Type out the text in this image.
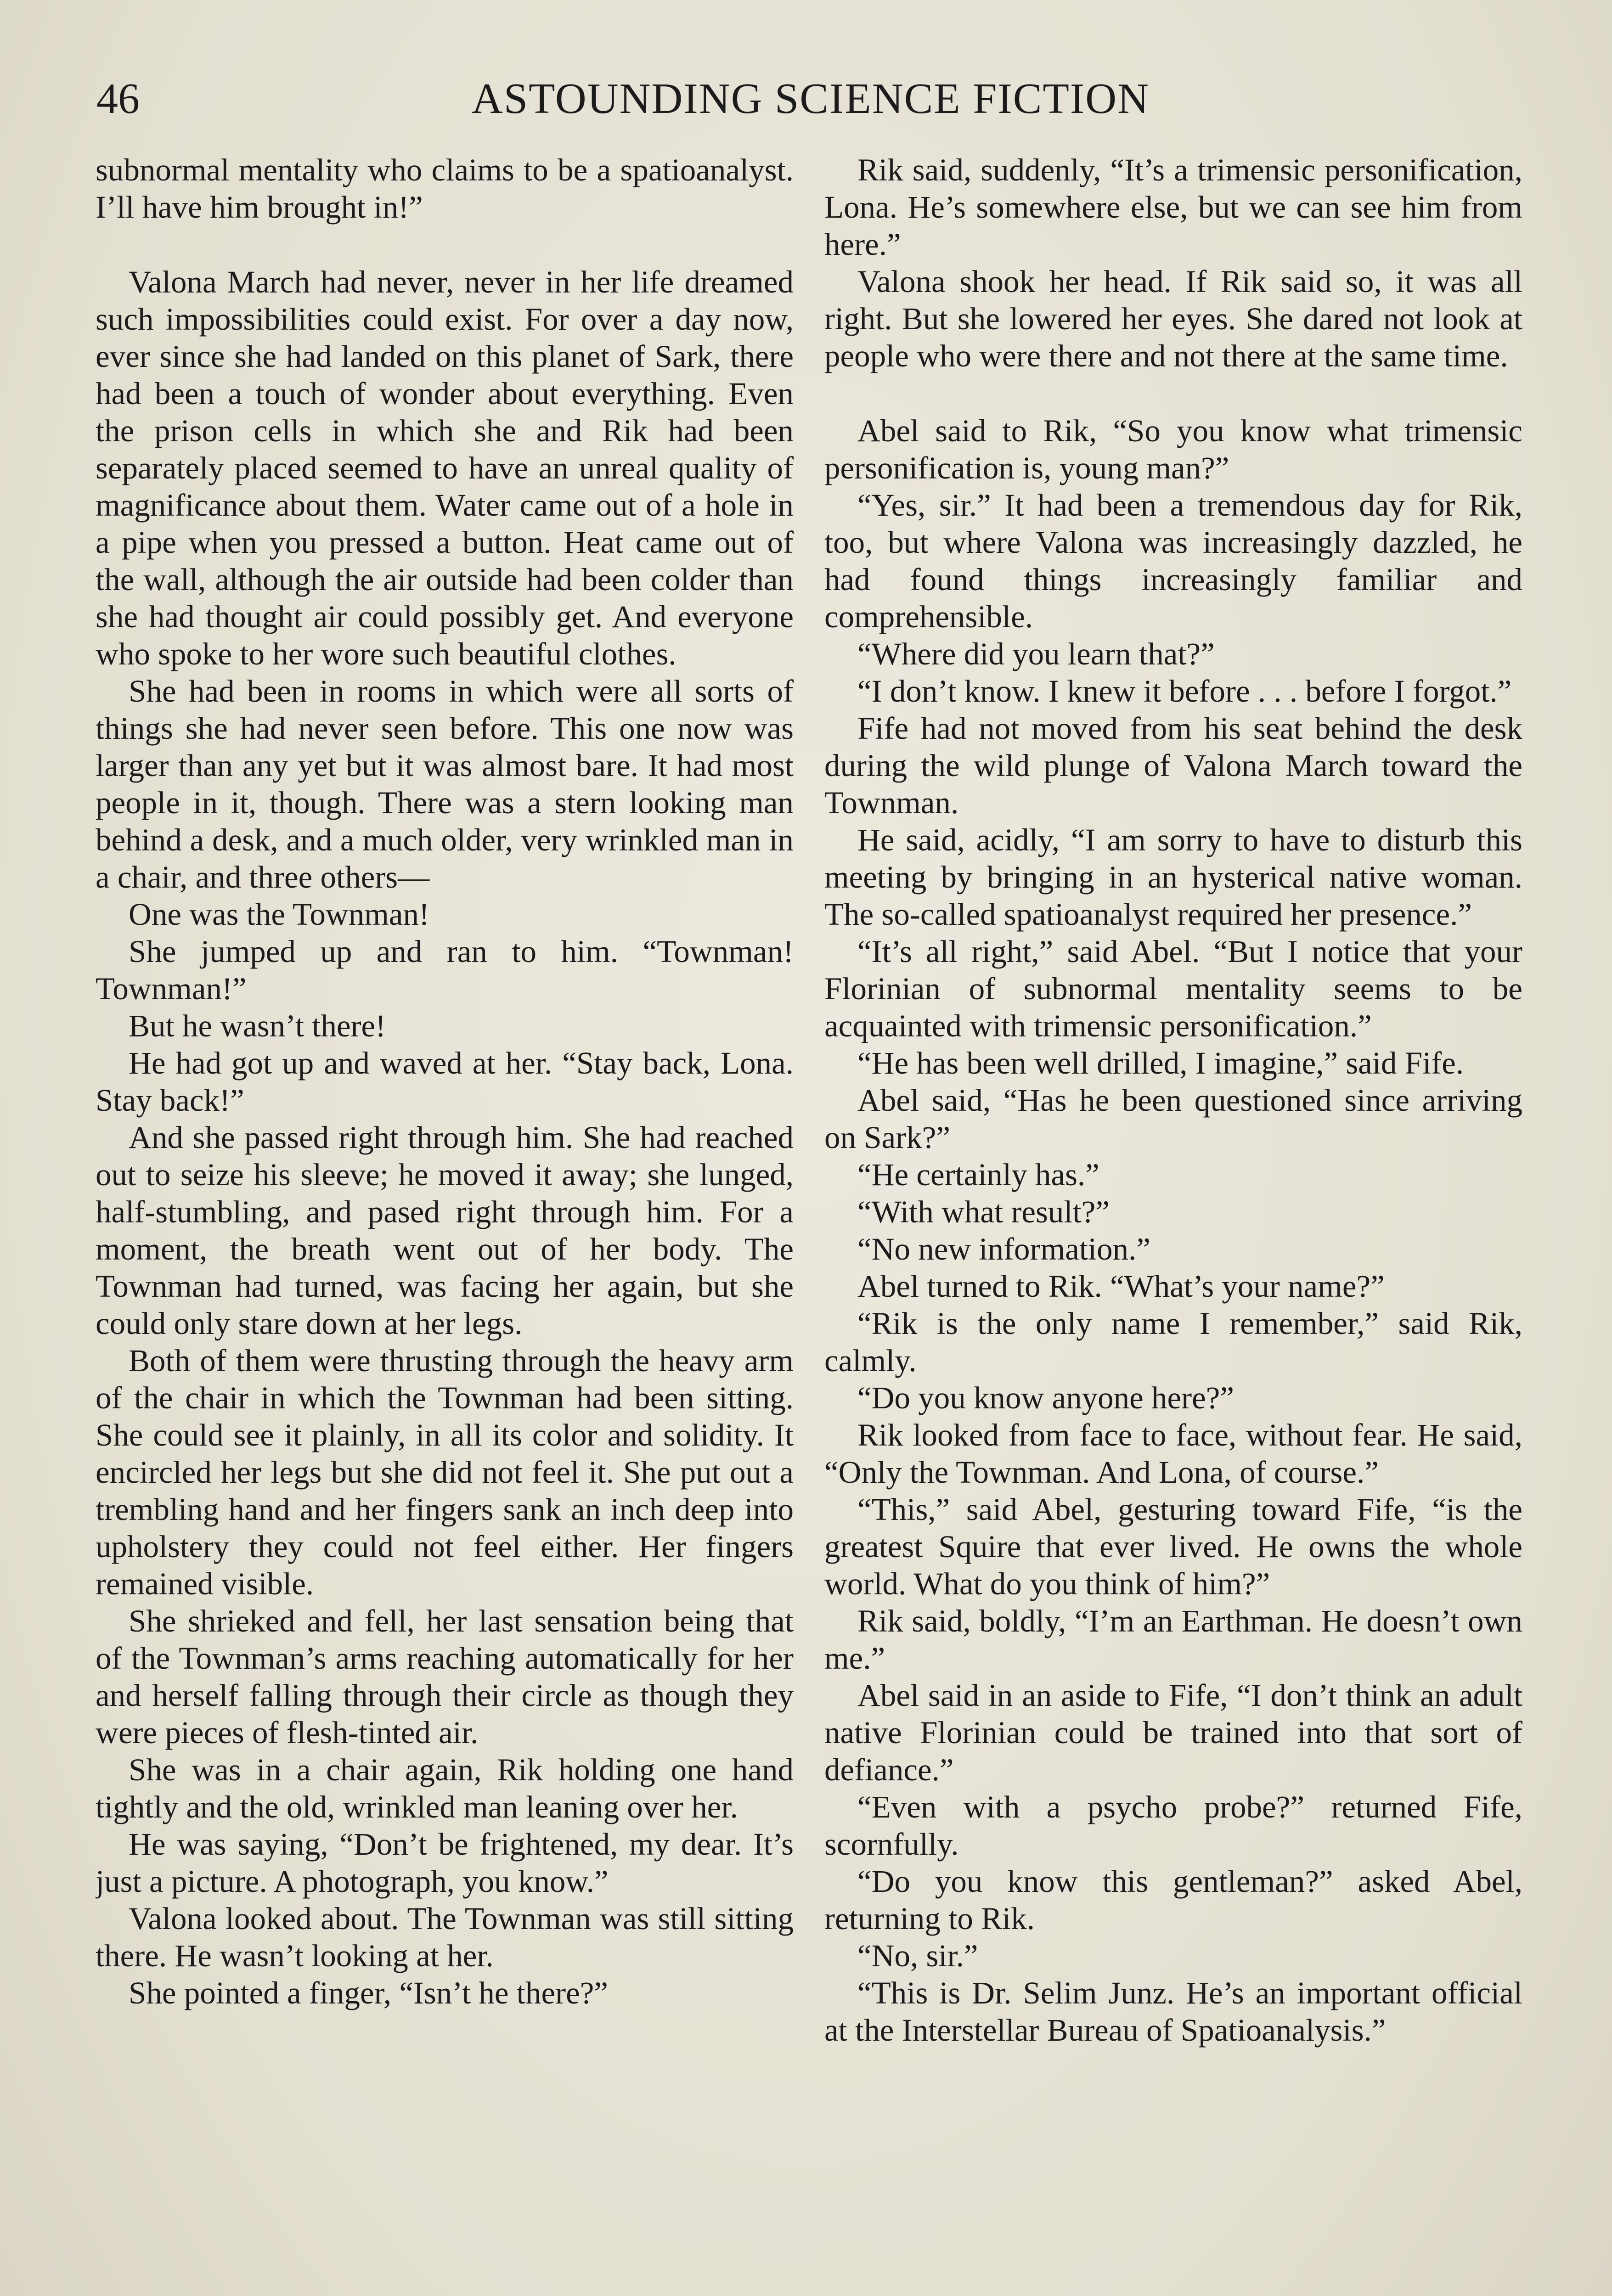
46	ASTOUNDING SCIENCE FICTION

subnormal mentality who claims to be a spatioanalyst. I’ll have him brought in!”

Valona March had never, never in her life dreamed such impossibilities could exist. For over a day now, ever since she had landed on this planet of Sark, there had been a touch of wonder about everything. Even the prison cells in which she and Rik had been separately placed seemed to have an unreal quality of magnificance about them. Water came out of a hole in a pipe when you pressed a button. Heat came out of the wall, although the air outside had been colder than she had thought air could possibly get. And everyone who spoke to her wore such beautiful clothes.

She had been in rooms in which were all sorts of things she had never seen before. This one now was larger than any yet but it was almost bare. It had most people in it, though. There was a stern looking man behind a desk, and a much older, very wrinkled man in a chair, and three others—

One was the Townman!

She jumped up and ran to him. “Townman! Townman!”

But he wasn’t there!

He had got up and waved at her. “Stay back, Lona. Stay back!”

And she passed right through him. She had reached out to seize his sleeve; he moved it away; she lunged, half-stumbling, and pased right through him. For a moment, the breath went out of her body. The Townman had turned, was facing her again, but she could only stare down at her legs.

Both of them were thrusting through the heavy arm of the chair in which the Townman had been sitting. She could see it plainly, in all its color and solidity. It encircled her legs but she did not feel it. She put out a trembling hand and her fingers sank an inch deep into upholstery they could not feel either. Her fingers remained visible.

She shrieked and fell, her last sensation being that of the Townman’s arms reaching automatically for her and herself falling through their circle as though they were pieces of flesh-tinted air.

She was in a chair again, Rik holding one hand tightly and the old, wrinkled man leaning over her.

He was saying, “Don’t be frightened, my dear. It’s just a picture. A photograph, you know.”

Valona looked about. The Townman was still sitting there. He wasn’t looking at her.

She pointed a finger, “Isn’t he there?”

Rik said, suddenly, “It’s a trimensic personification, Lona. He’s somewhere else, but we can see him from here.”

Valona shook her head. If Rik said so, it was all right. But she lowered her eyes. She dared not look at people who were there and not there at the same time.

Abel said to Rik, “So you know what trimensic personification is, young man?”

“Yes, sir.” It had been a tremendous day for Rik, too, but where Valona was increasingly dazzled, he had found things increasingly familiar and comprehensible.

“Where did you learn that?”

“I don’t know. I knew it before . . . before I forgot.”

Fife had not moved from his seat behind the desk during the wild plunge of Valona March toward the Townman.

He said, acidly, “I am sorry to have to disturb this meeting by bringing in an hysterical native woman. The so-called spatioanalyst required her presence.”

“It’s all right,” said Abel. “But I notice that your Florinian of subnormal mentality seems to be acquainted with trimensic personification.”

“He has been well drilled, I imagine,” said Fife.

Abel said, “Has he been questioned since arriving on Sark?”

“He certainly has.”

“With what result?”

“No new information.”

Abel turned to Rik. “What’s your name?”

“Rik is the only name I remember,” said Rik, calmly.

“Do you know anyone here?”

Rik looked from face to face, without fear. He said, “Only the Townman. And Lona, of course.”

“This,” said Abel, gesturing toward Fife, “is the greatest Squire that ever lived. He owns the whole world. What do you think of him?”

Rik said, boldly, “I’m an Earthman. He doesn’t own me.”

Abel said in an aside to Fife, “I don’t think an adult native Florinian could be trained into that sort of defiance.”

“Even with a psycho probe?” returned Fife, scornfully.

“Do you know this gentleman?” asked Abel, returning to Rik.

“No, sir.”

“This is Dr. Selim Junz. He’s an important official at the Interstellar Bureau of Spatioanalysis.”
